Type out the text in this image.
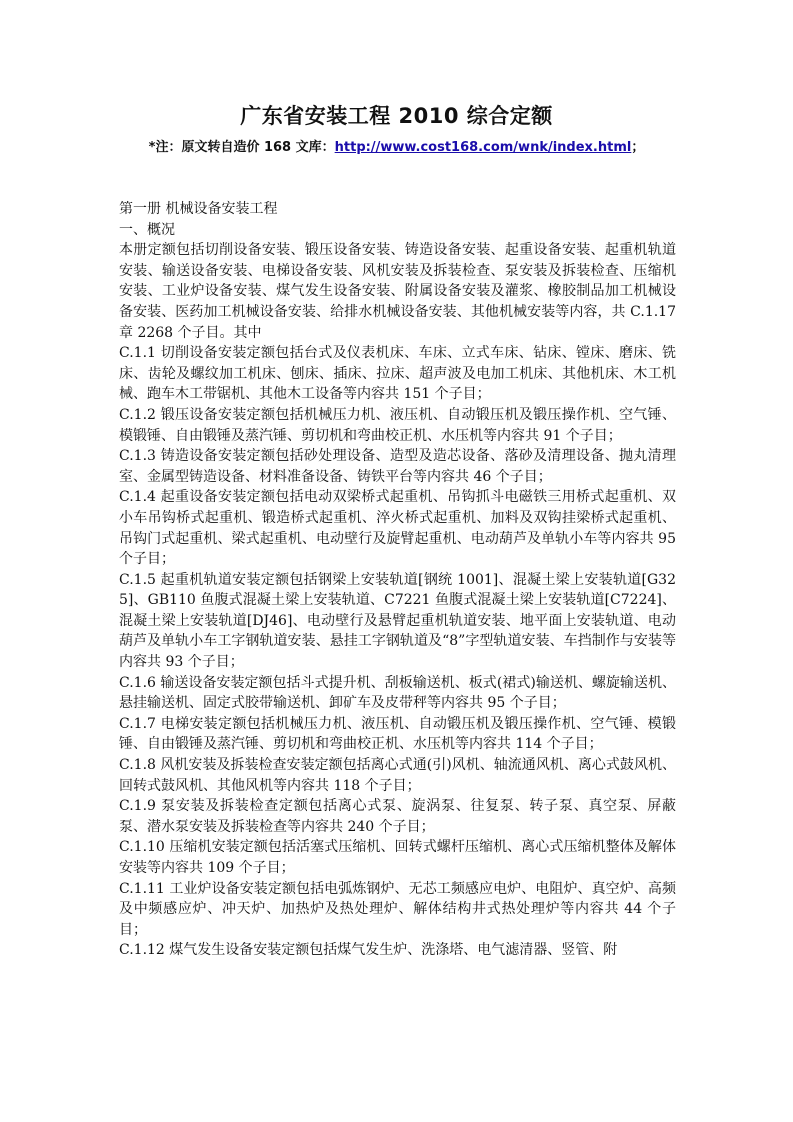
广东省安装工程 2010 综合定额
*注：原文转自造价 168 文库：http://www.cost168.com/wnk/index.html；

第一册 机械设备安装工程

一、概况

本册定额包括切削设备安装、锻压设备安装、铸造设备安装、起重设备安装、起重机轨道安装、输送设备安装、电梯设备安装、风机安装及拆装检查、泵安装及拆装检查、压缩机安装、工业炉设备安装、煤气发生设备安装、附属设备安装及灌浆、橡胶制品加工机械设备安装、医药加工机械设备安装、给排水机械设备安装、其他机械安装等内容，共 C.1.17 章 2268 个子目。其中

C.1.1 切削设备安装定额包括台式及仪表机床、车床、立式车床、钻床、镗床、磨床、铣床、齿轮及螺纹加工机床、刨床、插床、拉床、超声波及电加工机床、其他机床、木工机械、跑车木工带锯机、其他木工设备等内容共 151 个子目；

C.1.2 锻压设备安装定额包括机械压力机、液压机、自动锻压机及锻压操作机、空气锤、模锻锤、自由锻锤及蒸汽锤、剪切机和弯曲校正机、水压机等内容共 91 个子目；

C.1.3 铸造设备安装定额包括砂处理设备、造型及造芯设备、落砂及清理设备、抛丸清理室、金属型铸造设备、材料准备设备、铸铁平台等内容共 46 个子目；

C.1.4 起重设备安装定额包括电动双梁桥式起重机、吊钩抓斗电磁铁三用桥式起重机、双小车吊钩桥式起重机、锻造桥式起重机、淬火桥式起重机、加料及双钩挂梁桥式起重机、吊钩门式起重机、梁式起重机、电动壁行及旋臂起重机、电动葫芦及单轨小车等内容共 95 个子目；

C.1.5 起重机轨道安装定额包括钢梁上安装轨道[钢统 1001]、混凝土梁上安装轨道[G325]、GB110 鱼腹式混凝土梁上安装轨道、C7221 鱼腹式混凝土梁上安装轨道[C7224]、混凝土梁上安装轨道[DJ46]、电动壁行及悬臂起重机轨道安装、地平面上安装轨道、电动葫芦及单轨小车工字钢轨道安装、悬挂工字钢轨道及“8”字型轨道安装、车挡制作与安装等内容共 93 个子目；

C.1.6 输送设备安装定额包括斗式提升机、刮板输送机、板式(裙式)输送机、螺旋输送机、悬挂输送机、固定式胶带输送机、卸矿车及皮带秤等内容共 95 个子目；

C.1.7 电梯安装定额包括机械压力机、液压机、自动锻压机及锻压操作机、空气锤、模锻锤、自由锻锤及蒸汽锤、剪切机和弯曲校正机、水压机等内容共 114 个子目；

C.1.8 风机安装及拆装检查安装定额包括离心式通(引)风机、轴流通风机、离心式鼓风机、回转式鼓风机、其他风机等内容共 118 个子目；

C.1.9 泵安装及拆装检查定额包括离心式泵、旋涡泵、往复泵、转子泵、真空泵、屏蔽泵、潜水泵安装及拆装检查等内容共 240 个子目；

C.1.10 压缩机安装定额包括活塞式压缩机、回转式螺杆压缩机、离心式压缩机整体及解体安装等内容共 109 个子目；

C.1.11 工业炉设备安装定额包括电弧炼钢炉、无芯工频感应电炉、电阻炉、真空炉、高频及中频感应炉、冲天炉、加热炉及热处理炉、解体结构井式热处理炉等内容共 44 个子目；

C.1.12 煤气发生设备安装定额包括煤气发生炉、洗涤塔、电气滤清器、竖管、附
